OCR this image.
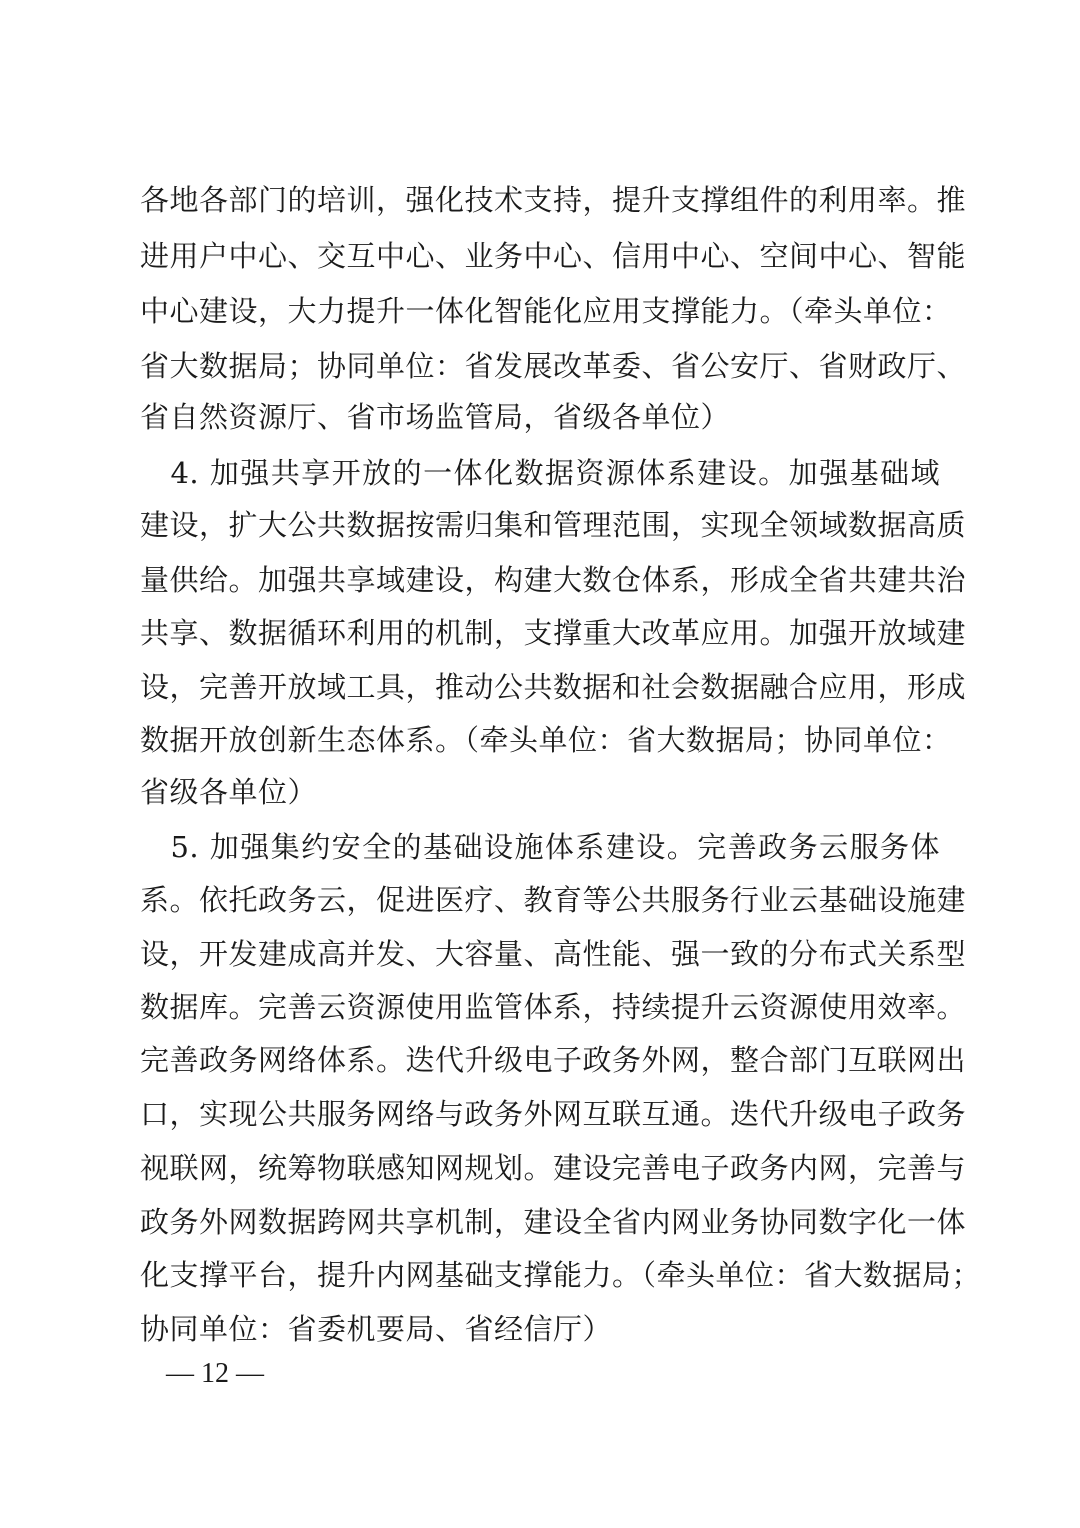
各地各部门的培训，强化技术支持，提升支撑组件的利用率。推
进用户中心、交互中心、业务中心、信用中心、空间中心、智能
中心建设，大力提升一体化智能化应用支撑能力。（牵头单位：
省大数据局；协同单位：省发展改革委、省公安厅、省财政厅、
省自然资源厅、省市场监管局，省级各单位）
　4. 加强共享开放的一体化数据资源体系建设。加强基础域
建设，扩大公共数据按需归集和管理范围，实现全领域数据高质
量供给。加强共享域建设，构建大数仓体系，形成全省共建共治
共享、数据循环利用的机制，支撑重大改革应用。加强开放域建
设，完善开放域工具，推动公共数据和社会数据融合应用，形成
数据开放创新生态体系。（牵头单位：省大数据局；协同单位：
省级各单位）
　5. 加强集约安全的基础设施体系建设。完善政务云服务体
系。依托政务云，促进医疗、教育等公共服务行业云基础设施建
设，开发建成高并发、大容量、高性能、强一致的分布式关系型
数据库。完善云资源使用监管体系，持续提升云资源使用效率。
完善政务网络体系。迭代升级电子政务外网，整合部门互联网出
口，实现公共服务网络与政务外网互联互通。迭代升级电子政务
视联网，统筹物联感知网规划。建设完善电子政务内网，完善与
政务外网数据跨网共享机制，建设全省内网业务协同数字化一体
化支撑平台，提升内网基础支撑能力。（牵头单位：省大数据局；
协同单位：省委机要局、省经信厅）
— 12 —
